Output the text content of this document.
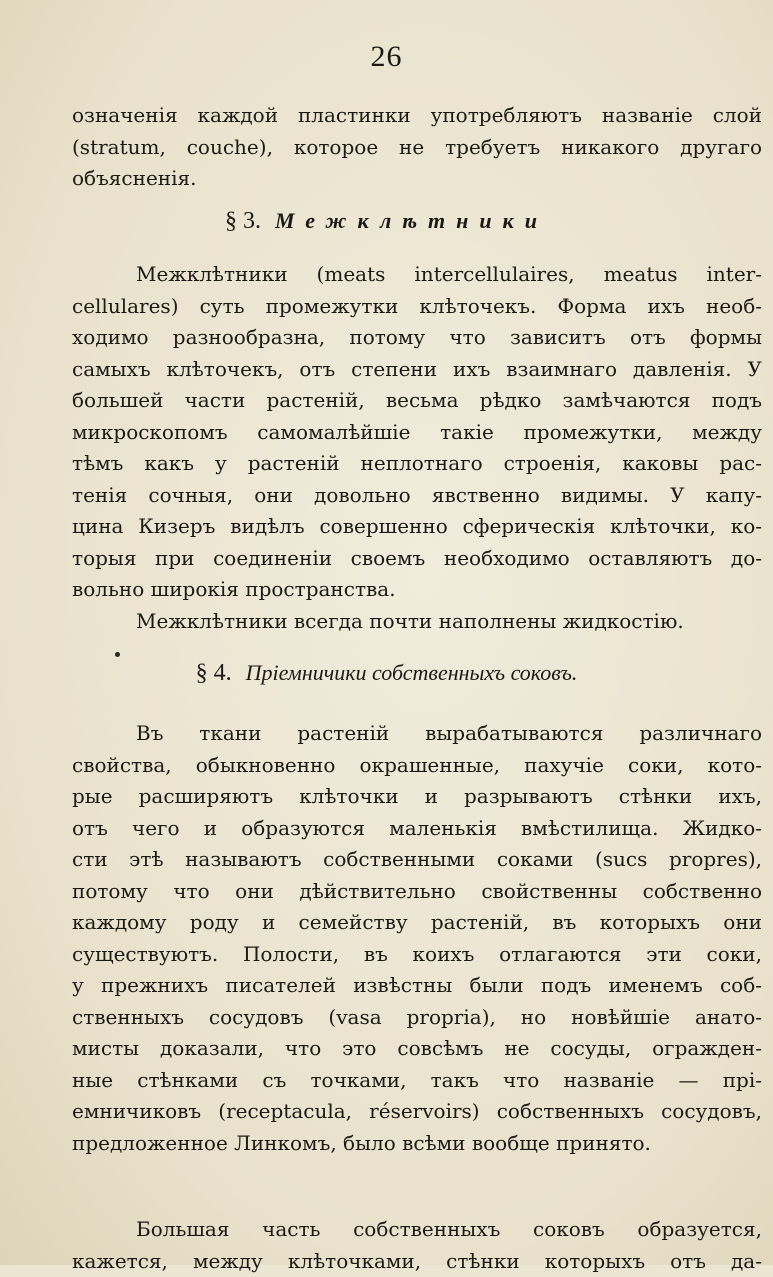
26
означенія каждой пластинки употребляютъ названіе слой
(stratum, couche), которое не требуетъ никакого другаго
объясненія.
§ 3. Межклѣтники
Межклѣтники (meats intercellulaires, meatus inter-
cellulares) суть промежутки клѣточекъ. Форма ихъ необ-
ходимо разнообразна, потому что зависитъ отъ формы
самыхъ клѣточекъ, отъ степени ихъ взаимнаго давленія. У
большей части растеній, весьма рѣдко замѣчаются подъ
микроскопомъ самомалѣйшіе такіе промежутки, между
тѣмъ какъ у растеній неплотнаго строенія, каковы рас-
тенія сочныя, они довольно явственно видимы. У капу-
цина Кизеръ видѣлъ совершенно сферическія клѣточки, ко-
торыя при соединеніи своемъ необходимо оставляютъ до-
вольно широкія пространства.
Межклѣтники всегда почти наполнены жидкостію.
§ 4. Пріемничики собственныхъ соковъ.
Въ ткани растеній вырабатываются различнаго
свойства, обыкновенно окрашенные, пахучіе соки, кото-
рые расширяютъ клѣточки и разрываютъ стѣнки ихъ,
отъ чего и образуются маленькія вмѣстилища. Жидко-
сти этѣ называютъ собственными соками (sucs propres),
потому что они дѣйствительно свойственны собственно
каждому роду и семейству растеній, въ которыхъ они
существуютъ. Полости, въ коихъ отлагаются эти соки,
у прежнихъ писателей извѣстны были подъ именемъ соб-
ственныхъ сосудовъ (vasa propria), но новѣйшіе анато-
мисты доказали, что это совсѣмъ не сосуды, огражден-
ные стѣнками съ точками, такъ что названіе — прі-
емничиковъ (receptacula, réservoirs) собственныхъ сосудовъ,
предложенное Линкомъ, было всѣми вообще принято.
Большая часть собственныхъ соковъ образуется,
кажется, между клѣточками, стѣнки которыхъ отъ да-
